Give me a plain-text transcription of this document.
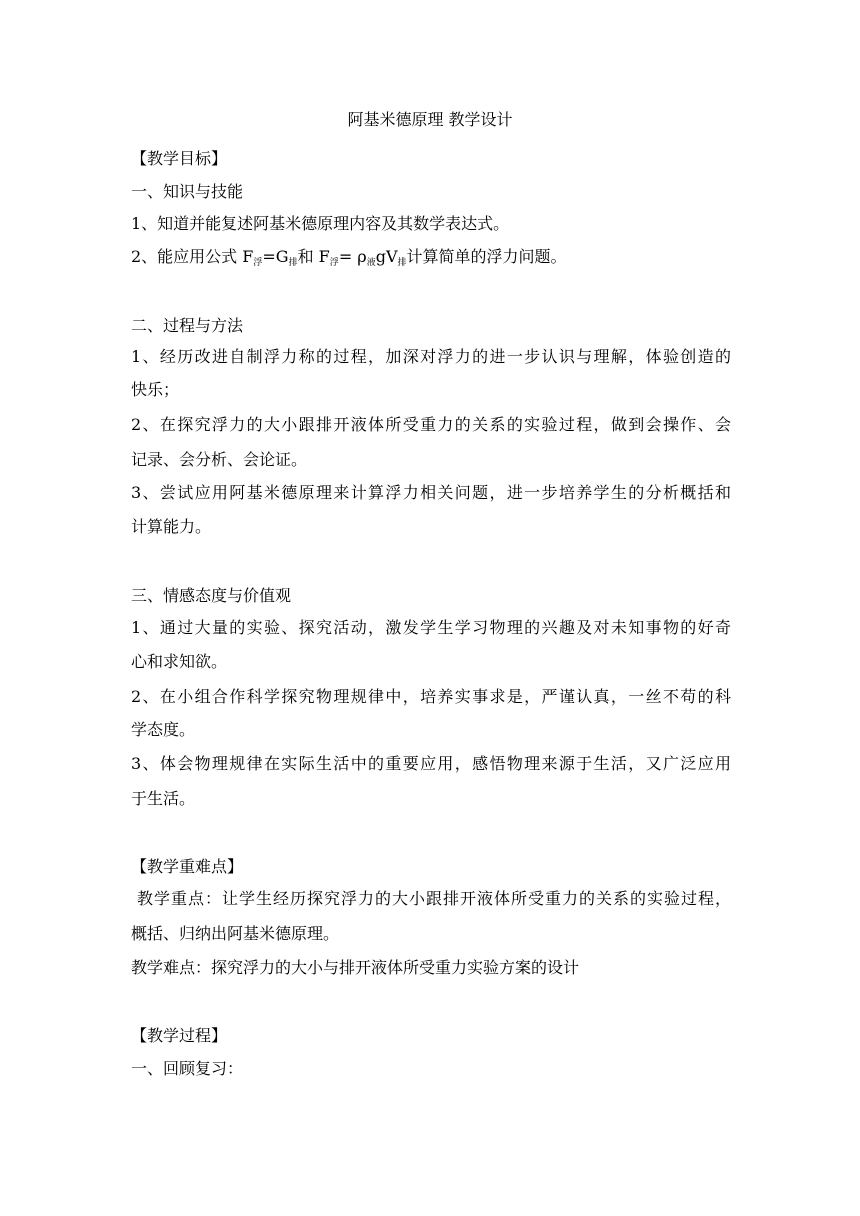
阿基米德原理 教学设计
【教学目标】
一、知识与技能
1、知道并能复述阿基米德原理内容及其数学表达式。
2、能应用公式 $F_浮=G_排$和 $F_浮= \rho_液gV_排$计算简单的浮力问题。
二、过程与方法
1、经历改进自制浮力称的过程，加深对浮力的进一步认识与理解，体验创造的
快乐；
2、在探究浮力的大小跟排开液体所受重力的关系的实验过程，做到会操作、会
记录、会分析、会论证。
3、尝试应用阿基米德原理来计算浮力相关问题，进一步培养学生的分析概括和
计算能力。
三、情感态度与价值观
1、通过大量的实验、探究活动，激发学生学习物理的兴趣及对未知事物的好奇
心和求知欲。
2、在小组合作科学探究物理规律中，培养实事求是，严谨认真，一丝不苟的科
学态度。
3、体会物理规律在实际生活中的重要应用，感悟物理来源于生活，又广泛应用
于生活。
【教学重难点】
教学重点：让学生经历探究浮力的大小跟排开液体所受重力的关系的实验过程，
概括、归纳出阿基米德原理。
教学难点：探究浮力的大小与排开液体所受重力实验方案的设计
【教学过程】
一、回顾复习：
